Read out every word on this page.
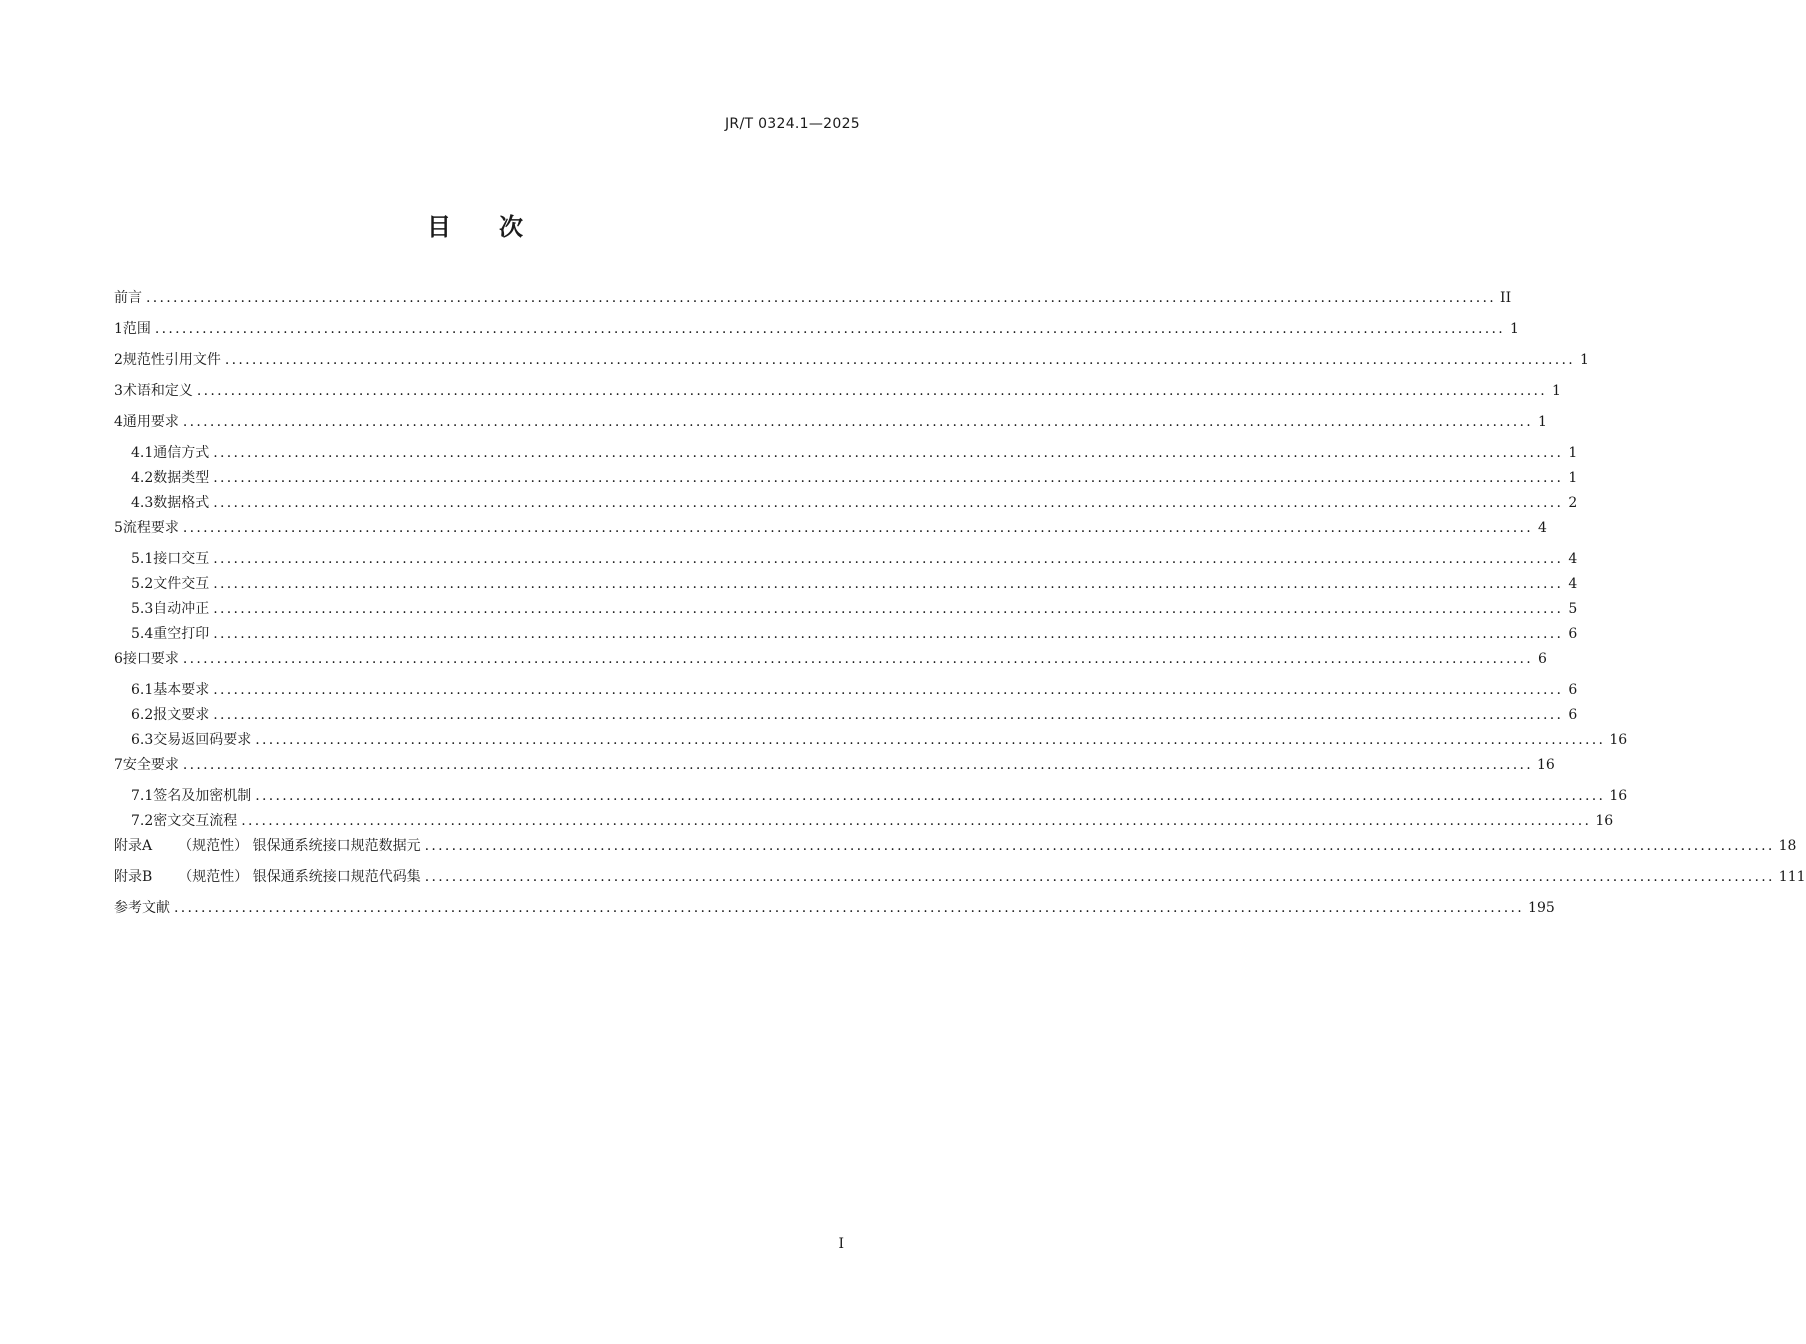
JR/T 0324.1—2025
目次
前言 ........................................................................................................................................................................................................ II
1 范围 ........................................................................................................................................................................................................ 1
2 规范性引用文件 ........................................................................................................................................................................................................ 1
3 术语和定义 ........................................................................................................................................................................................................ 1
4 通用要求 ........................................................................................................................................................................................................ 1
4.1 通信方式 ........................................................................................................................................................................................................ 1
4.2 数据类型 ........................................................................................................................................................................................................ 1
4.3 数据格式 ........................................................................................................................................................................................................ 2
5 流程要求 ........................................................................................................................................................................................................ 4
5.1 接口交互 ........................................................................................................................................................................................................ 4
5.2 文件交互 ........................................................................................................................................................................................................ 4
5.3 自动冲正 ........................................................................................................................................................................................................ 5
5.4 重空打印 ........................................................................................................................................................................................................ 6
6 接口要求 ........................................................................................................................................................................................................ 6
6.1 基本要求 ........................................................................................................................................................................................................ 6
6.2 报文要求 ........................................................................................................................................................................................................ 6
6.3 交易返回码要求 ........................................................................................................................................................................................................ 16
7 安全要求 ........................................................................................................................................................................................................ 16
7.1 签名及加密机制 ........................................................................................................................................................................................................ 16
7.2 密文交互流程 ........................................................................................................................................................................................................ 16
附录A （规范性） 银保通系统接口规范数据元 ........................................................................................................................................................................................................ 18
附录B （规范性） 银保通系统接口规范代码集 ........................................................................................................................................................................................................ 111
参考文献 ........................................................................................................................................................................................................ 195
I
